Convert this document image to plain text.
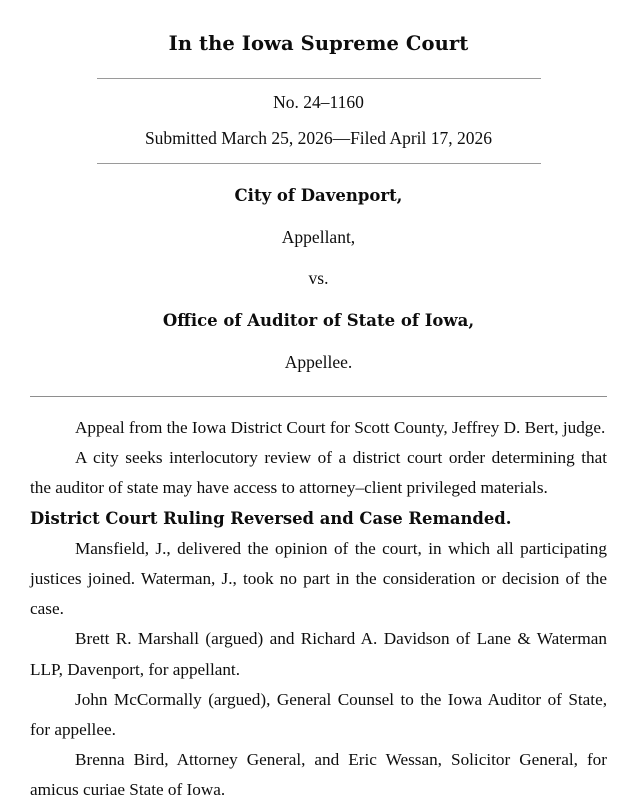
In the Iowa Supreme Court

No. 24–1160

Submitted March 25, 2026—Filed April 17, 2026

City of Davenport,

Appellant,

vs.

Office of Auditor of State of Iowa,

Appellee.

Appeal from the Iowa District Court for Scott County, Jeffrey D. Bert, judge.

A city seeks interlocutory review of a district court order determining that the auditor of state may have access to attorney–client privileged materials.
District Court Ruling Reversed and Case Remanded.

Mansfield, J., delivered the opinion of the court, in which all participating justices joined. Waterman, J., took no part in the consideration or decision of the case.

Brett R. Marshall (argued) and Richard A. Davidson of Lane & Waterman LLP, Davenport, for appellant.

John McCormally (argued), General Counsel to the Iowa Auditor of State, for appellee.

Brenna Bird, Attorney General, and Eric Wessan, Solicitor General, for amicus curiae State of Iowa.
